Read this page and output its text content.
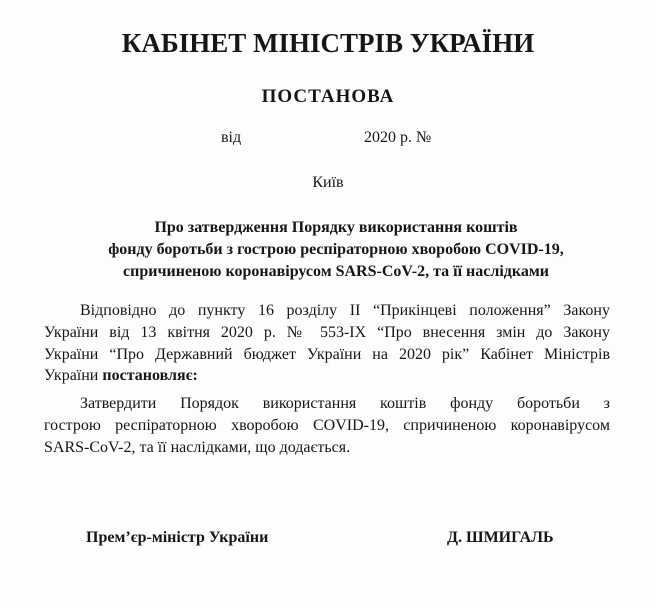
КАБІНЕТ МІНІСТРІВ УКРАЇНИ
ПОСТАНОВА
від	2020 р. №
Київ
Про затвердження Порядку використання коштів
фонду боротьби з гострою респіраторною хворобою COVID-19,
спричиненою коронавірусом SARS-CoV-2, та її наслідками
Відповідно до пункту 16 розділу II “Прикінцеві положення” Закону
України від 13 квітня 2020 р. № 553-IX “Про внесення змін до Закону
України “Про Державний бюджет України на 2020 рік” Кабінет Міністрів
України постановляє:
Затвердити Порядок використання коштів фонду боротьби з
гострою респіраторною хворобою COVID-19, спричиненою коронавірусом
SARS-CoV-2, та її наслідками, що додається.
Прем’єр-міністр України	Д. ШМИГАЛЬ
